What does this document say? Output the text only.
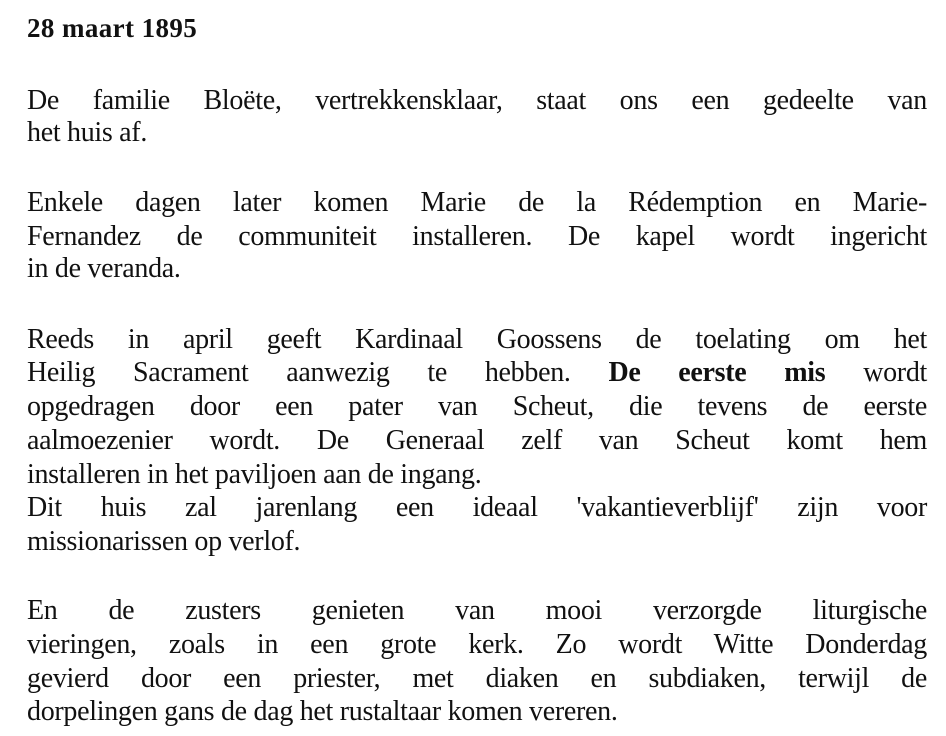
28 maart 1895
De familie Bloëte, vertrekkensklaar, staat ons een gedeelte van
het huis af.
Enkele dagen later komen Marie de la Rédemption en Marie-
Fernandez de communiteit installeren. De kapel wordt ingericht
in de veranda.
Reeds in april geeft Kardinaal Goossens de toelating om het
Heilig Sacrament aanwezig te hebben. De eerste mis wordt
opgedragen door een pater van Scheut, die tevens de eerste
aalmoezenier wordt. De Generaal zelf van Scheut komt hem
installeren in het paviljoen aan de ingang.
Dit huis zal jarenlang een ideaal 'vakantieverblijf' zijn voor
missionarissen op verlof.
En de zusters genieten van mooi verzorgde liturgische
vieringen, zoals in een grote kerk. Zo wordt Witte Donderdag
gevierd door een priester, met diaken en subdiaken, terwijl de
dorpelingen gans de dag het rustaltaar komen vereren.
